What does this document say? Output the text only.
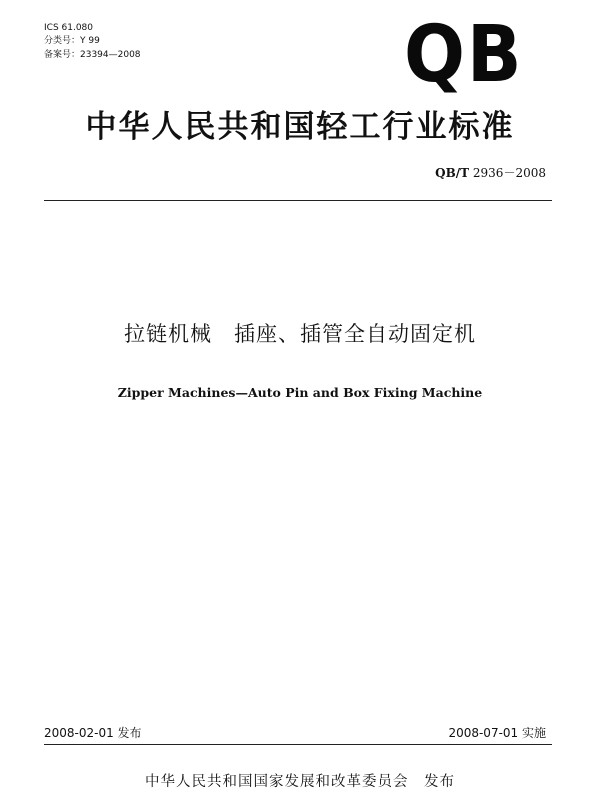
ICS 61.080
分类号：Y 99
备案号：23394—2008	QB
中华人民共和国轻工行业标准
QB/T 2936－2008
拉链机械　插座、插管全自动固定机
Zipper Machines—Auto Pin and Box Fixing Machine
2008-02-01 发布	2008-07-01 实施
中华人民共和国国家发展和改革委员会　发布
